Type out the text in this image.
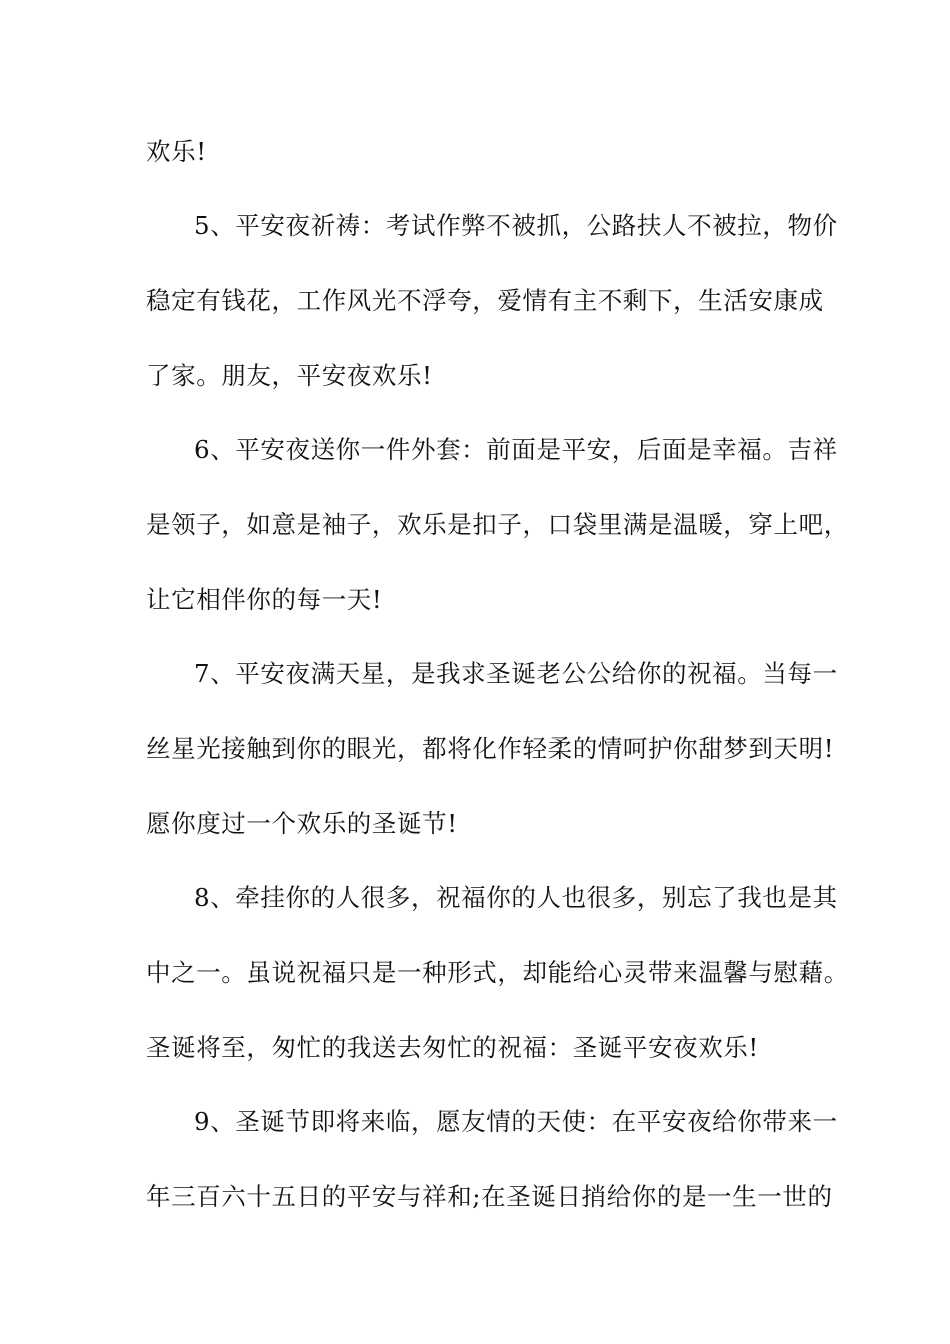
欢乐!
5、平安夜祈祷：考试作弊不被抓，公路扶人不被拉，物价
稳定有钱花，工作风光不浮夸，爱情有主不剩下，生活安康成
了家。朋友，平安夜欢乐!
6、平安夜送你一件外套：前面是平安，后面是幸福。吉祥
是领子，如意是袖子，欢乐是扣子，口袋里满是温暖，穿上吧，
让它相伴你的每一天!
7、平安夜满天星，是我求圣诞老公公给你的祝福。当每一
丝星光接触到你的眼光，都将化作轻柔的情呵护你甜梦到天明!
愿你度过一个欢乐的圣诞节!
8、牵挂你的人很多，祝福你的人也很多，别忘了我也是其
中之一。虽说祝福只是一种形式，却能给心灵带来温馨与慰藉。
圣诞将至，匆忙的我送去匆忙的祝福：圣诞平安夜欢乐!
9、圣诞节即将来临，愿友情的天使：在平安夜给你带来一
年三百六十五日的平安与祥和;在圣诞日捎给你的是一生一世的
